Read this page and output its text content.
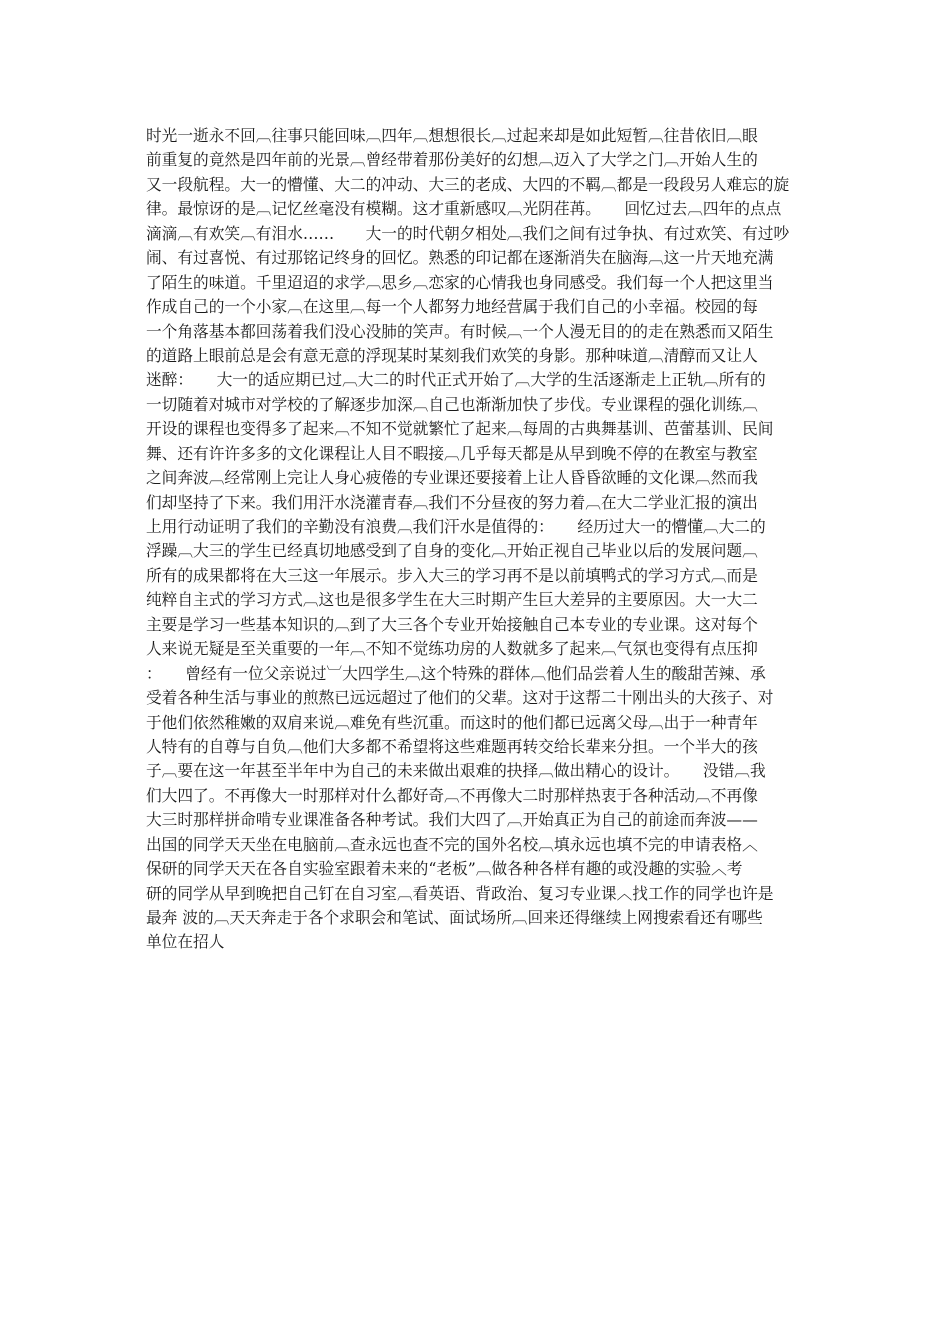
时光一逝永不回︹往事只能回味︹四年︹想想很长︹过起来却是如此短暂︹往昔依旧︹眼
前重复的竟然是四年前的光景︹曾经带着那份美好的幻想︹迈入了大学之门︹开始人生的
又一段航程。大一的懵懂、大二的冲动、大三的老成、大四的不羁︹都是一段段另人难忘的旋
律。最惊讶的是︹记忆丝毫没有模糊。这才重新感叹︹光阴荏苒。　　回忆过去︹四年的点点
滴滴︹有欢笑︹有泪水……　　大一的时代朝夕相处︹我们之间有过争执、有过欢笑、有过吵
闹、有过喜悦、有过那铭记终身的回忆。熟悉的印记都在逐渐消失在脑海︹这一片天地充满
了陌生的味道。千里迢迢的求学︹思乡︹恋家的心情我也身同感受。我们每一个人把这里当
作成自己的一个小家︹在这里︹每一个人都努力地经营属于我们自己的小幸福。校园的每
一个角落基本都回荡着我们没心没肺的笑声。有时候︹一个人漫无目的的走在熟悉而又陌生
的道路上眼前总是会有意无意的浮现某时某刻我们欢笑的身影。那种味道︹清醇而又让人
迷醉：　　大一的适应期已过︹大二的时代正式开始了︹大学的生活逐渐走上正轨︹所有的
一切随着对城市对学校的了解逐步加深︹自己也渐渐加快了步伐。专业课程的强化训练︹
开设的课程也变得多了起来︹不知不觉就繁忙了起来︹每周的古典舞基训、芭蕾基训、民间
舞、还有许许多多的文化课程让人目不暇接︹几乎每天都是从早到晚不停的在教室与教室
之间奔波︹经常刚上完让人身心疲倦的专业课还要接着上让人昏昏欲睡的文化课︹然而我
们却坚持了下来。我们用汗水浇灌青春︹我们不分昼夜的努力着︹在大二学业汇报的演出
上用行动证明了我们的辛勤没有浪费︹我们汗水是值得的：　　经历过大一的懵懂︹大二的
浮躁︹大三的学生已经真切地感受到了自身的变化︹开始正视自己毕业以后的发展问题︹
所有的成果都将在大三这一年展示。步入大三的学习再不是以前填鸭式的学习方式︹而是
纯粹自主式的学习方式︹这也是很多学生在大三时期产生巨大差异的主要原因。大一大二
主要是学习一些基本知识的︹到了大三各个专业开始接触自己本专业的专业课。这对每个
人来说无疑是至关重要的一年︹不知不觉练功房的人数就多了起来︹气氛也变得有点压抑
：　　曾经有一位父亲说过︺大四学生︹这个特殊的群体︹他们品尝着人生的酸甜苦辣、承
受着各种生活与事业的煎熬已远远超过了他们的父辈。这对于这帮二十刚出头的大孩子、对
于他们依然稚嫩的双肩来说︹难免有些沉重。而这时的他们都已远离父母︹出于一种青年
人特有的自尊与自负︹他们大多都不希望将这些难题再转交给长辈来分担。一个半大的孩
子︹要在这一年甚至半年中为自己的未来做出艰难的抉择︹做出精心的设计。　　没错︹我
们大四了。不再像大一时那样对什么都好奇︹不再像大二时那样热衷于各种活动︹不再像
大三时那样拼命啃专业课准备各种考试。我们大四了︹开始真正为自己的前途而奔波——
出国的同学天天坐在电脑前︹查永远也查不完的国外名校︹填永远也填不完的申请表格︿
保研的同学天天在各自实验室跟着未来的“老板”︹做各种各样有趣的或没趣的实验︿考
研的同学从早到晚把自己钉在自习室︹看英语、背政治、复习专业课︿找工作的同学也许是
最奔 波的︹天天奔走于各个求职会和笔试、面试场所︹回来还得继续上网搜索看还有哪些
单位在招人
